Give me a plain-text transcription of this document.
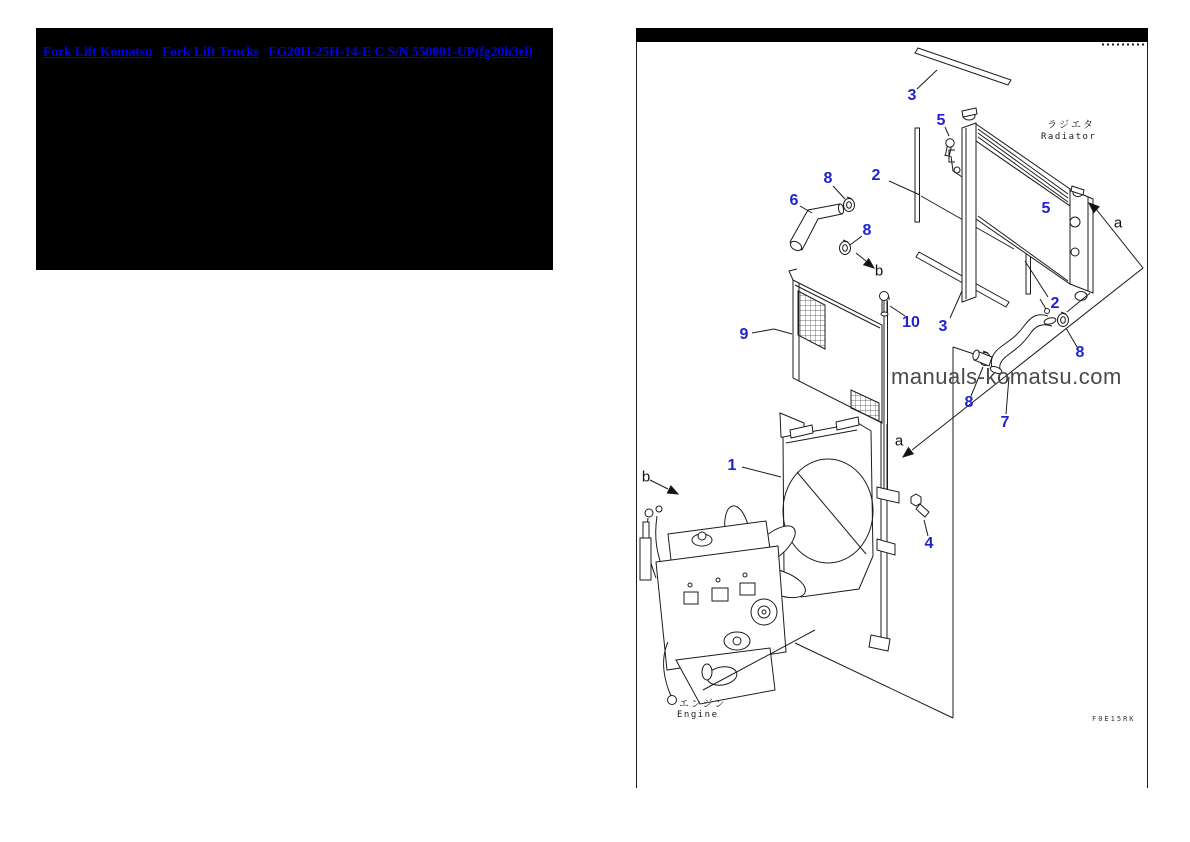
Fork Lift Komatsu Fork Lift Trucks FG20H-25H-14-E C S/N 550001-UP(fg20h3el)
ラジエタ
Radiator
エンジン
Engine
manuals-komatsu.com
F0E15RK
3
5
2
8
6
8
b
9
10 3
5
a
2
8
8
7
1
a
4
b
